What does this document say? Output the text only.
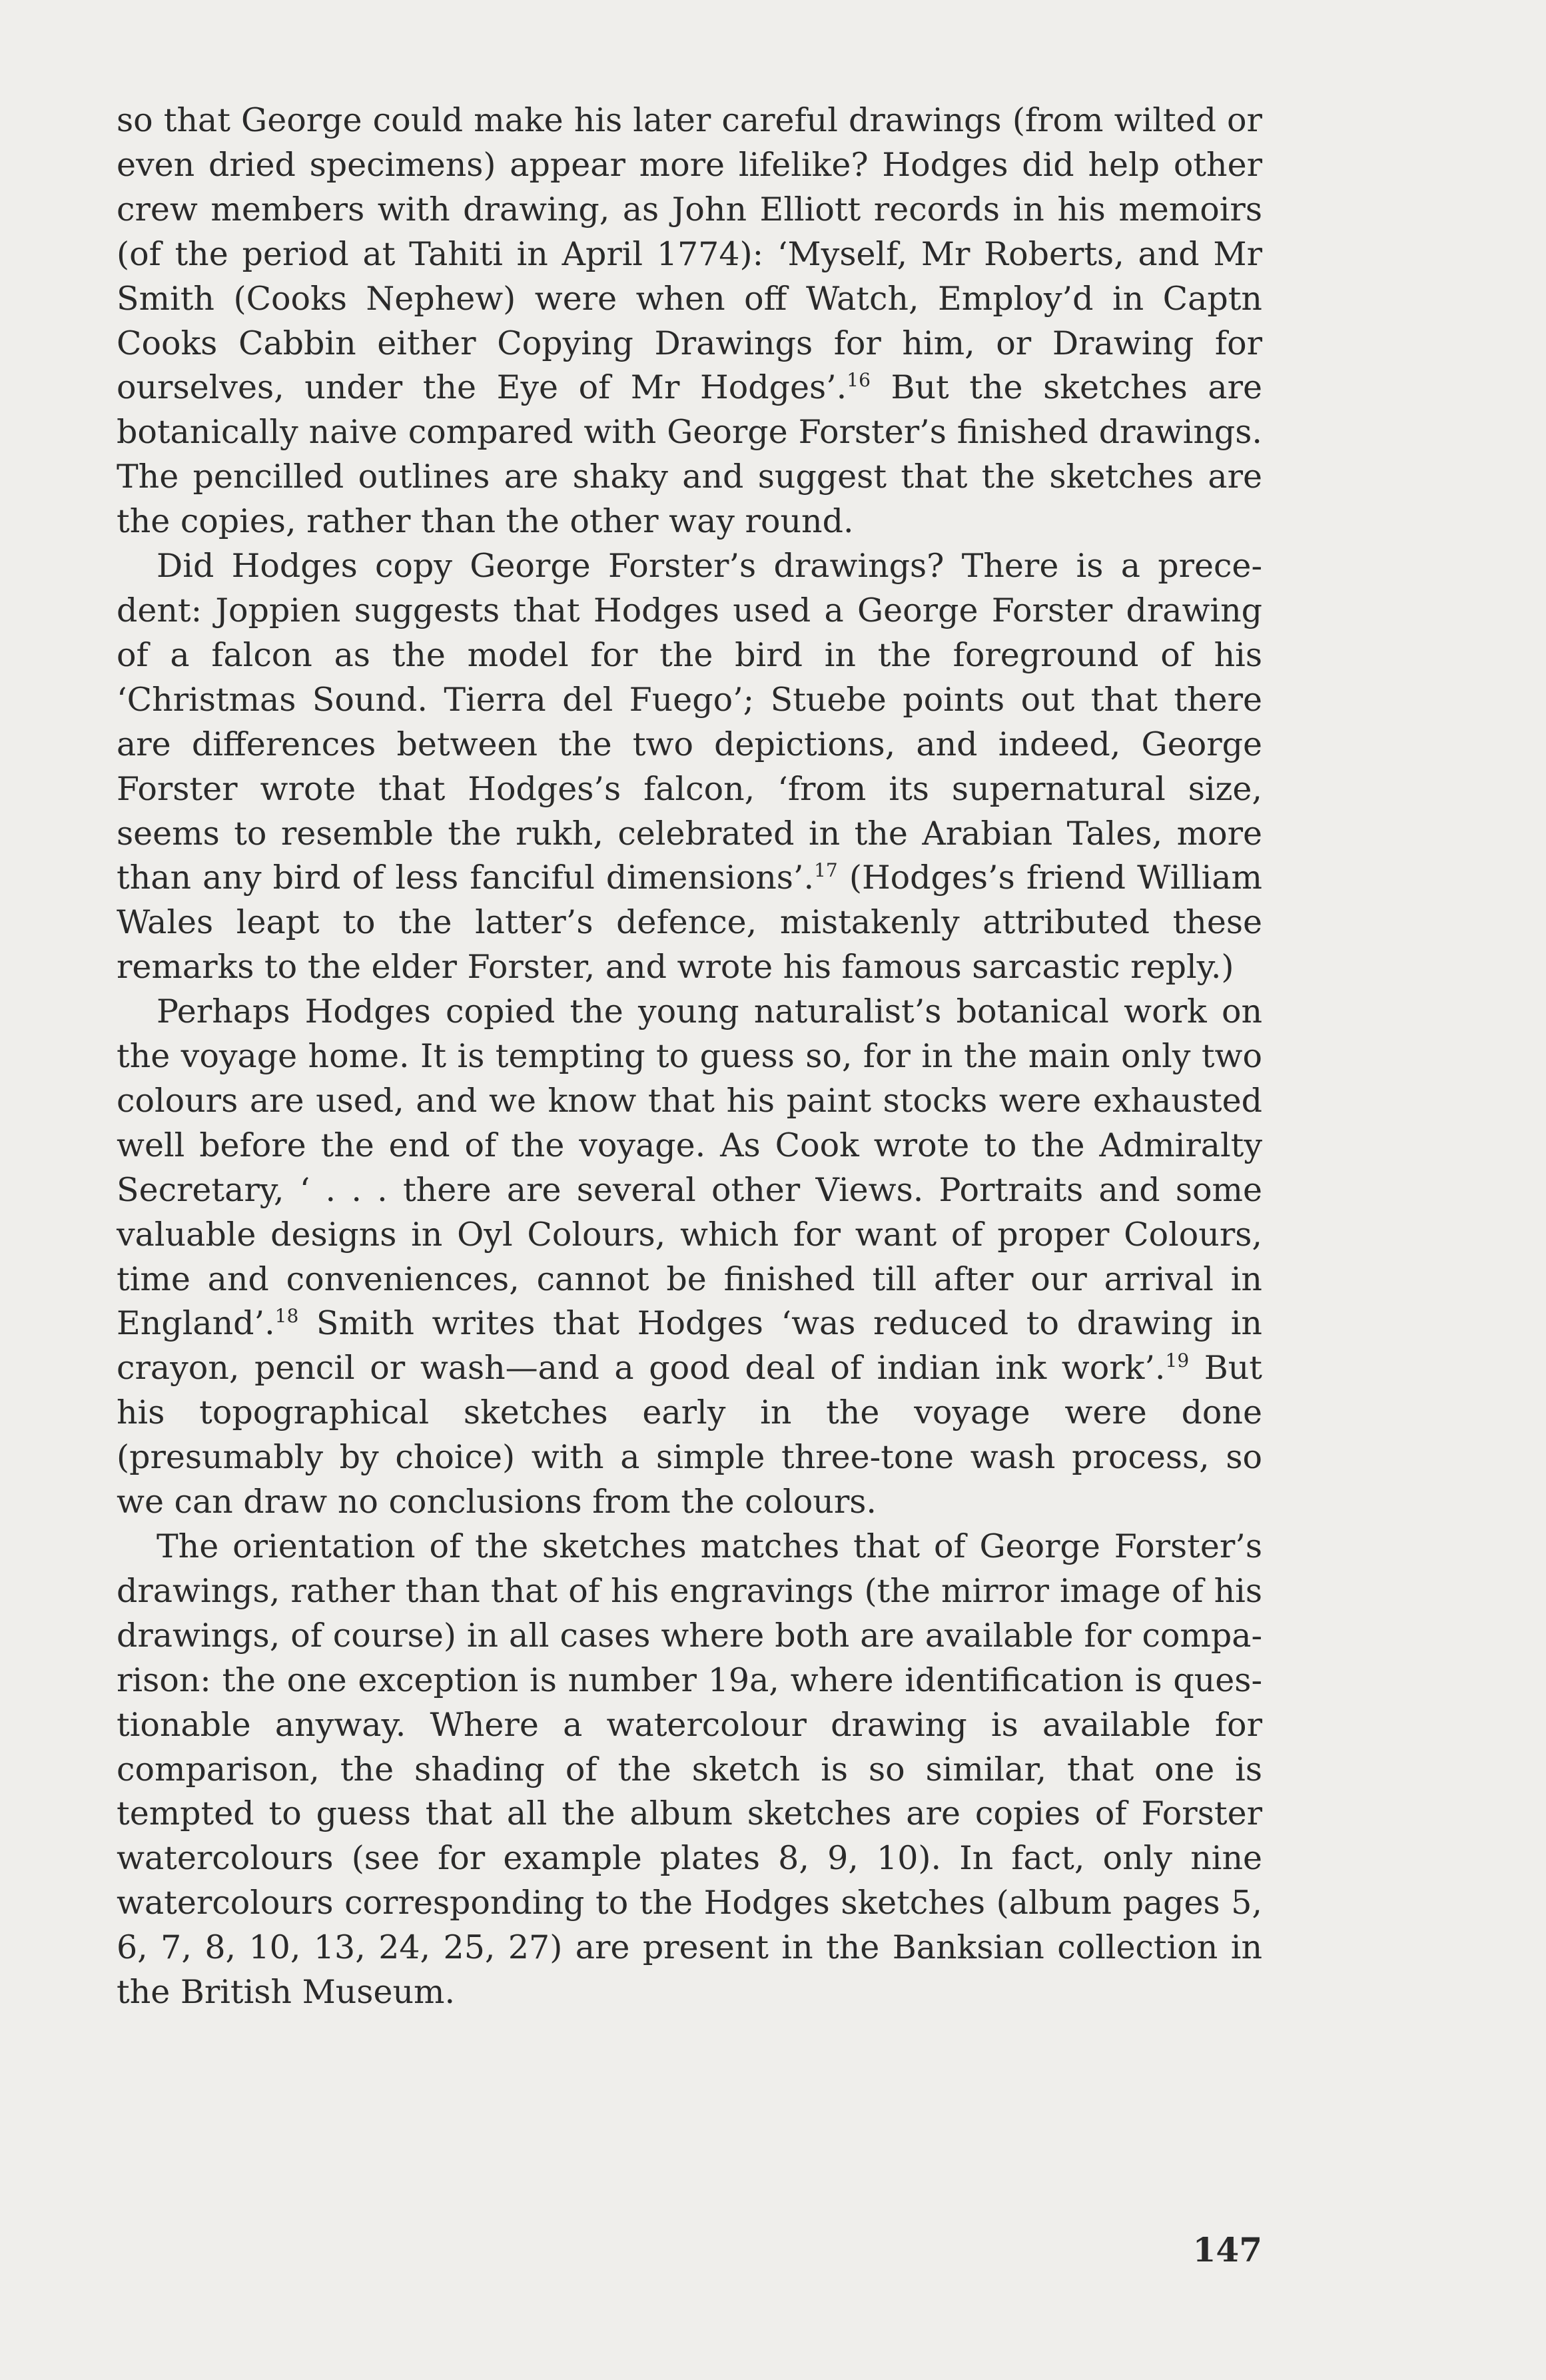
so that George could make his later careful drawings (from wilted or even dried specimens) appear more lifelike? Hodges did help other crew members with drawing, as John Elliott records in his memoirs (of the period at Tahiti in April 1774): ‘Myself, Mr Roberts, and Mr Smith (Cooks Nephew) were when off Watch, Employ’d in Captn Cooks Cabbin either Copying Drawings for him, or Drawing for ourselves, under the Eye of Mr Hodges’.$^{16}$ But the sketches are botanically naive compared with George Forster’s finished drawings. The pencilled outlines are shaky and suggest that the sketches are the copies, rather than the other way round.

Did Hodges copy George Forster’s drawings? There is a precedent: Joppien suggests that Hodges used a George Forster drawing of a falcon as the model for the bird in the foreground of his ‘Christmas Sound. Tierra del Fuego’; Stuebe points out that there are differences between the two depictions, and indeed, George Forster wrote that Hodges’s falcon, ‘from its supernatural size, seems to resemble the rukh, celebrated in the Arabian Tales, more than any bird of less fanciful dimensions’.$^{17}$ (Hodges’s friend William Wales leapt to the latter’s defence, mistakenly attributed these remarks to the elder Forster, and wrote his famous sarcastic reply.)

Perhaps Hodges copied the young naturalist’s botanical work on the voyage home. It is tempting to guess so, for in the main only two colours are used, and we know that his paint stocks were exhausted well before the end of the voyage. As Cook wrote to the Admiralty Secretary, ‘ . . . there are several other Views. Portraits and some valuable designs in Oyl Colours, which for want of proper Colours, time and conveniences, cannot be finished till after our arrival in England’.$^{18}$ Smith writes that Hodges ‘was reduced to drawing in crayon, pencil or wash—and a good deal of indian ink work’.$^{19}$ But his topographical sketches early in the voyage were done (presumably by choice) with a simple three-tone wash process, so we can draw no conclusions from the colours.

The orientation of the sketches matches that of George Forster’s drawings, rather than that of his engravings (the mirror image of his drawings, of course) in all cases where both are available for comparison: the one exception is number 19a, where identification is questionable anyway. Where a watercolour drawing is available for comparison, the shading of the sketch is so similar, that one is tempted to guess that all the album sketches are copies of Forster watercolours (see for example plates 8, 9, 10). In fact, only nine watercolours corresponding to the Hodges sketches (album pages 5, 6, 7, 8, 10, 13, 24, 25, 27) are present in the Banksian collection in the British Museum.

147
